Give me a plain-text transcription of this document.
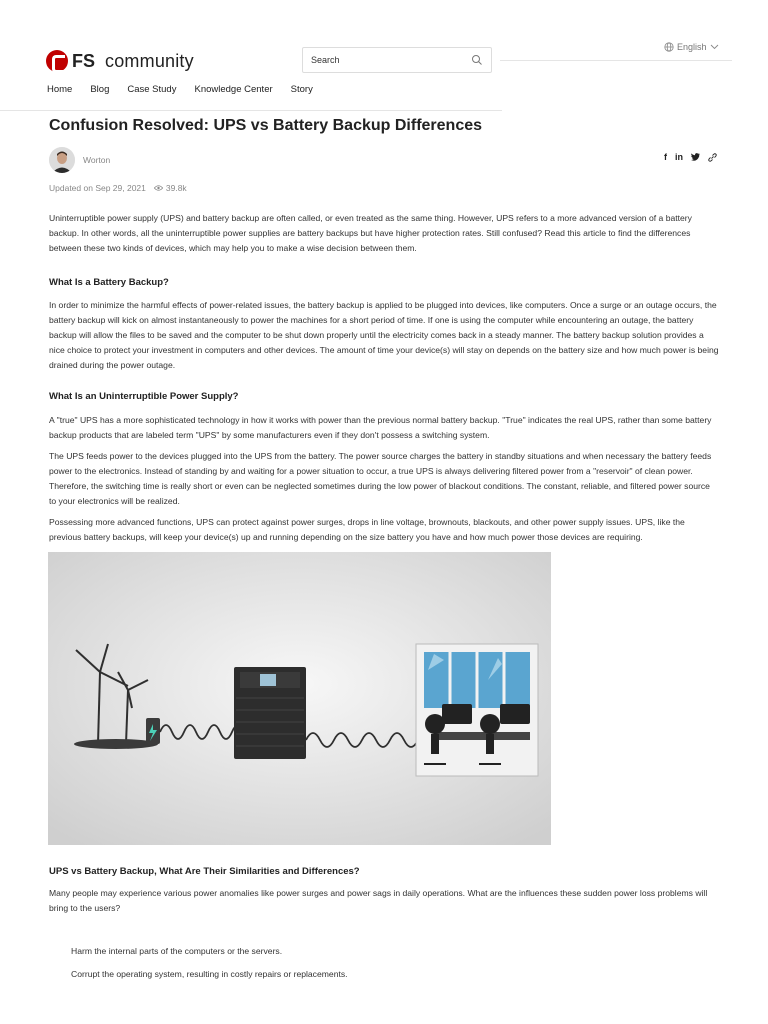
FS community
Search
English
Home Blog Case Study Knowledge Center Story
Confusion Resolved: UPS vs Battery Backup Differences
Worton	f in
Updated on Sep 29, 2021 39.8k

Uninterruptible power supply (UPS) and battery backup are often called, or even treated as the same thing. However, UPS refers to a more advanced version of a battery backup. In other words, all the uninterruptible power supplies are battery backups but have higher protection rates. Still confused? Read this article to find the differences between these two kinds of devices, which may help you to make a wise decision between them.

What Is a Battery Backup?

In order to minimize the harmful effects of power-related issues, the battery backup is applied to be plugged into devices, like computers. Once a surge or an outage occurs, the battery backup will kick on almost instantaneously to power the machines for a short period of time. If one is using the computer while encountering an outage, the battery backup will allow the files to be saved and the computer to be shut down properly until the electricity comes back in a steady manner. The battery backup solution provides a nice choice to protect your investment in computers and other devices. The amount of time your device(s) will stay on depends on the battery size and how much power is being drained during the power outage.

What Is an Uninterruptible Power Supply?

A "true" UPS has a more sophisticated technology in how it works with power than the previous normal battery backup. "True" indicates the real UPS, rather than some battery backup products that are labeled term "UPS" by some manufacturers even if they don't possess a switching system.

The UPS feeds power to the devices plugged into the UPS from the battery. The power source charges the battery in standby situations and when necessary the battery feeds power to the electronics. Instead of standing by and waiting for a power situation to occur, a true UPS is always delivering filtered power from a "reservoir" of clean power. Therefore, the switching time is really short or even can be neglected sometimes during the low power of blackout conditions. The constant, reliable, and filtered power source to your electronics will be realized.

Possessing more advanced functions, UPS can protect against power surges, drops in line voltage, brownouts, blackouts, and other power supply issues. UPS, like the previous battery backups, will keep your device(s) up and running depending on the size battery you have and how much power those devices are requiring.

UPS vs Battery Backup, What Are Their Similarities and Differences?

Many people may experience various power anomalies like power surges and power sags in daily operations. What are the influences these sudden power loss problems will bring to the users?

Harm the internal parts of the computers or the servers.

Corrupt the operating system, resulting in costly repairs or replacements.
